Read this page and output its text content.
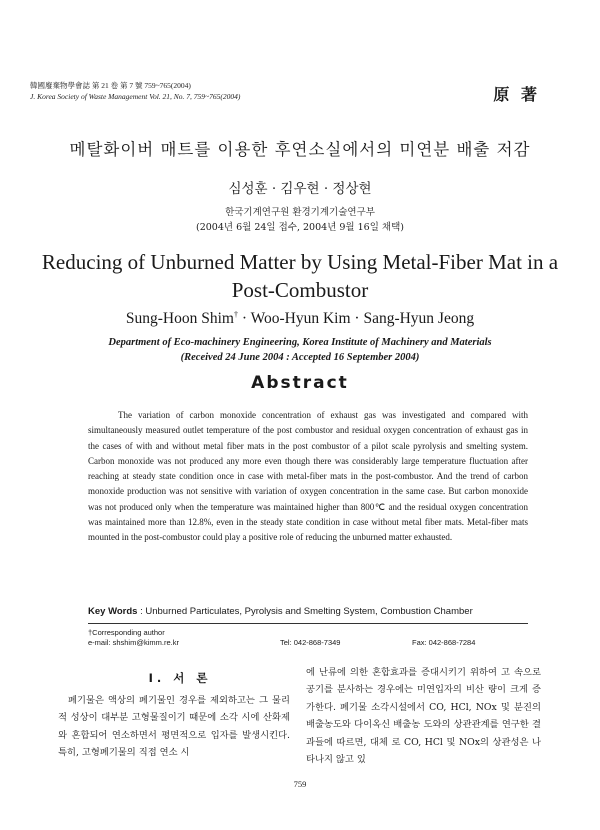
韓國廢棄物學會誌 第 21 卷 第 7 號 759~765(2004)
J. Korea Society of Waste Management Vol. 21, No. 7, 759~765(2004)	原 著
메탈화이버 매트를 이용한 후연소실에서의 미연분 배출 저감
심성훈 · 김우현 · 정상현
한국기계연구원 환경기계기술연구부
(2004년 6월 24일 접수, 2004년 9월 16일 채택)
Reducing of Unburned Matter by Using Metal-Fiber Mat in a Post-Combustor
Sung-Hoon Shim† · Woo-Hyun Kim · Sang-Hyun Jeong
Department of Eco-machinery Engineering, Korea Institute of Machinery and Materials
(Received 24 June 2004 : Accepted 16 September 2004)
Abstract
The variation of carbon monoxide concentration of exhaust gas was investigated and compared with simultaneously measured outlet temperature of the post combustor and residual oxygen concentration of exhaust gas in the cases of with and without metal fiber mats in the post combustor of a pilot scale pyrolysis and smelting system. Carbon monoxide was not produced any more even though there was considerably large temperature fluctuation after reaching at steady state condition once in case with metal-fiber mats in the post-combustor. And the trend of carbon monoxide production was not sensitive with variation of oxygen concentration in the same case. But carbon monoxide was not produced only when the temperature was maintained higher than 800℃ and the residual oxygen concentration was maintained more than 12.8%, even in the steady state condition in case without metal fiber mats. Metal-fiber mats mounted in the post-combustor could play a positive role of reducing the unburned matter exhausted.
Key Words : Unburned Particulates, Pyrolysis and Smelting System, Combustion Chamber
†Corresponding author
e-mail: shshim@kimm.re.kr	Tel: 042-868-7349	Fax: 042-868-7284
I. 서 론
폐기물은 액상의 폐기물인 경우를 제외하고는 그 물리적 성상이 대부분 고형물질이기 때문에 소각 시에 산화제와 혼합되어 연소하면서 평면적으로 입자를 발생시킨다. 특히, 고형폐기물의 직접 연소 시
에 난류에 의한 혼합효과를 증대시키기 위하여 고 속으로 공기를 분사하는 경우에는 미연입자의 비산 량이 크게 증가한다. 폐기물 소각시설에서 CO, HCl, NOx 및 분진의 배출농도와 다이옥신 배출농 도와의 상관관계를 연구한 결과들에 따르면, 대체 로 CO, HCl 및 NOx의 상관성은 나타나지 않고 있
759
